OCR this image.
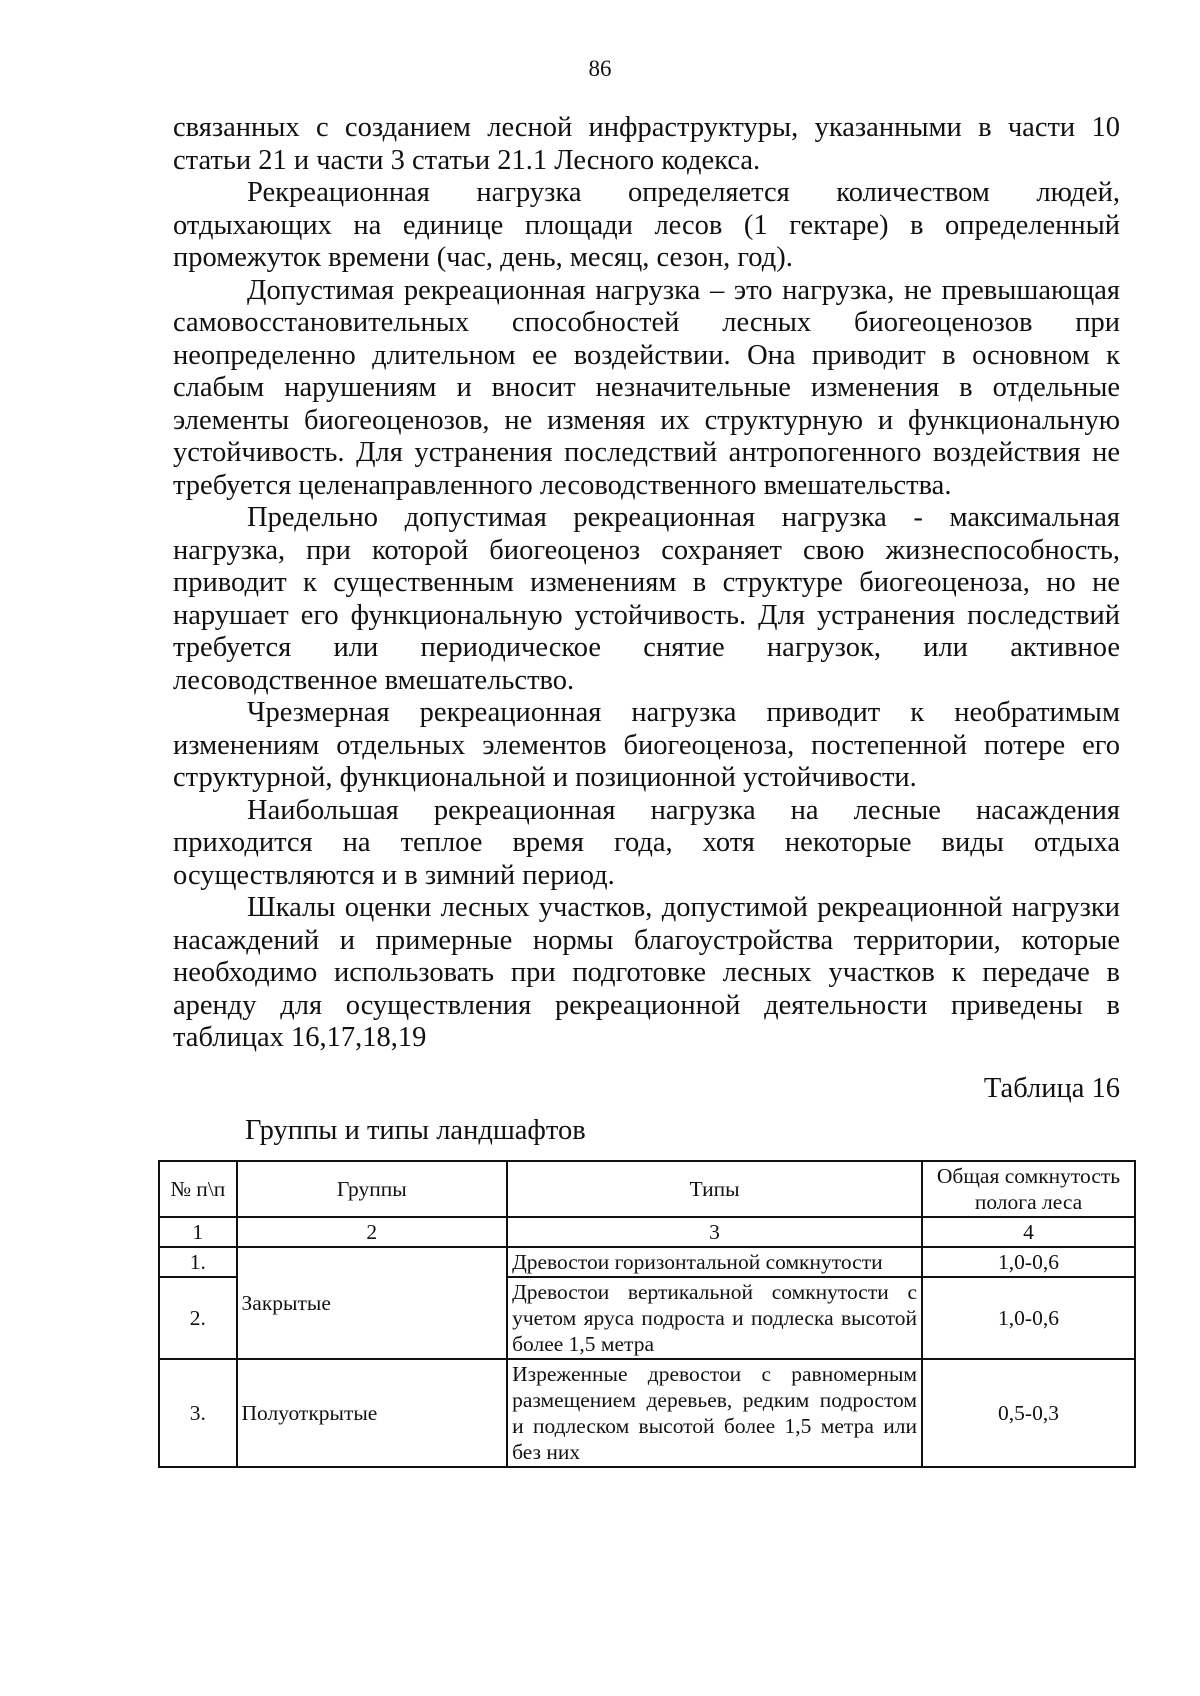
86

связанных с созданием лесной инфраструктуры, указанными в части 10 статьи 21 и части 3 статьи 21.1 Лесного кодекса.

Рекреационная нагрузка определяется количеством людей, отдыхающих на единице площади лесов (1 гектаре) в определенный промежуток времени (час, день, месяц, сезон, год).

Допустимая рекреационная нагрузка – это нагрузка, не превышающая самовосстановительных способностей лесных биогеоценозов при неопределенно длительном ее воздействии. Она приводит в основном к слабым нарушениям и вносит незначительные изменения в отдельные элементы биогеоценозов, не изменяя их структурную и функциональную устойчивость. Для устранения последствий антропогенного воздействия не требуется целенаправленного лесоводственного вмешательства.

Предельно допустимая рекреационная нагрузка - максимальная нагрузка, при которой биогеоценоз сохраняет свою жизнеспособность, приводит к существенным изменениям в структуре биогеоценоза, но не нарушает его функциональную устойчивость. Для устранения последствий требуется или периодическое снятие нагрузок, или активное лесоводственное вмешательство.

Чрезмерная рекреационная нагрузка приводит к необратимым изменениям отдельных элементов биогеоценоза, постепенной потере его структурной, функциональной и позиционной устойчивости.

Наибольшая рекреационная нагрузка на лесные насаждения приходится на теплое время года, хотя некоторые виды отдыха осуществляются и в зимний период.

Шкалы оценки лесных участков, допустимой рекреационной нагрузки насаждений и примерные нормы благоустройства территории, которые необходимо использовать при подготовке лесных участков к передаче в аренду для осуществления рекреационной деятельности приведены в таблицах 16,17,18,19

Таблица 16
Группы и типы ландшафтов
№ п\п	Группы	Типы	Общая сомкнутость полога леса
1	2	3	4
1.	Закрытые	Древостои горизонтальной сомкнутости	1,0-0,6
2.		Древостои вертикальной сомкнутости с учетом яруса подроста и подлеска высотой более 1,5 метра	1,0-0,6
3.	Полуоткрытые	Изреженные древостои с равномерным размещением деревьев, редким подростом и подлеском высотой более 1,5 метра или без них	0,5-0,3
